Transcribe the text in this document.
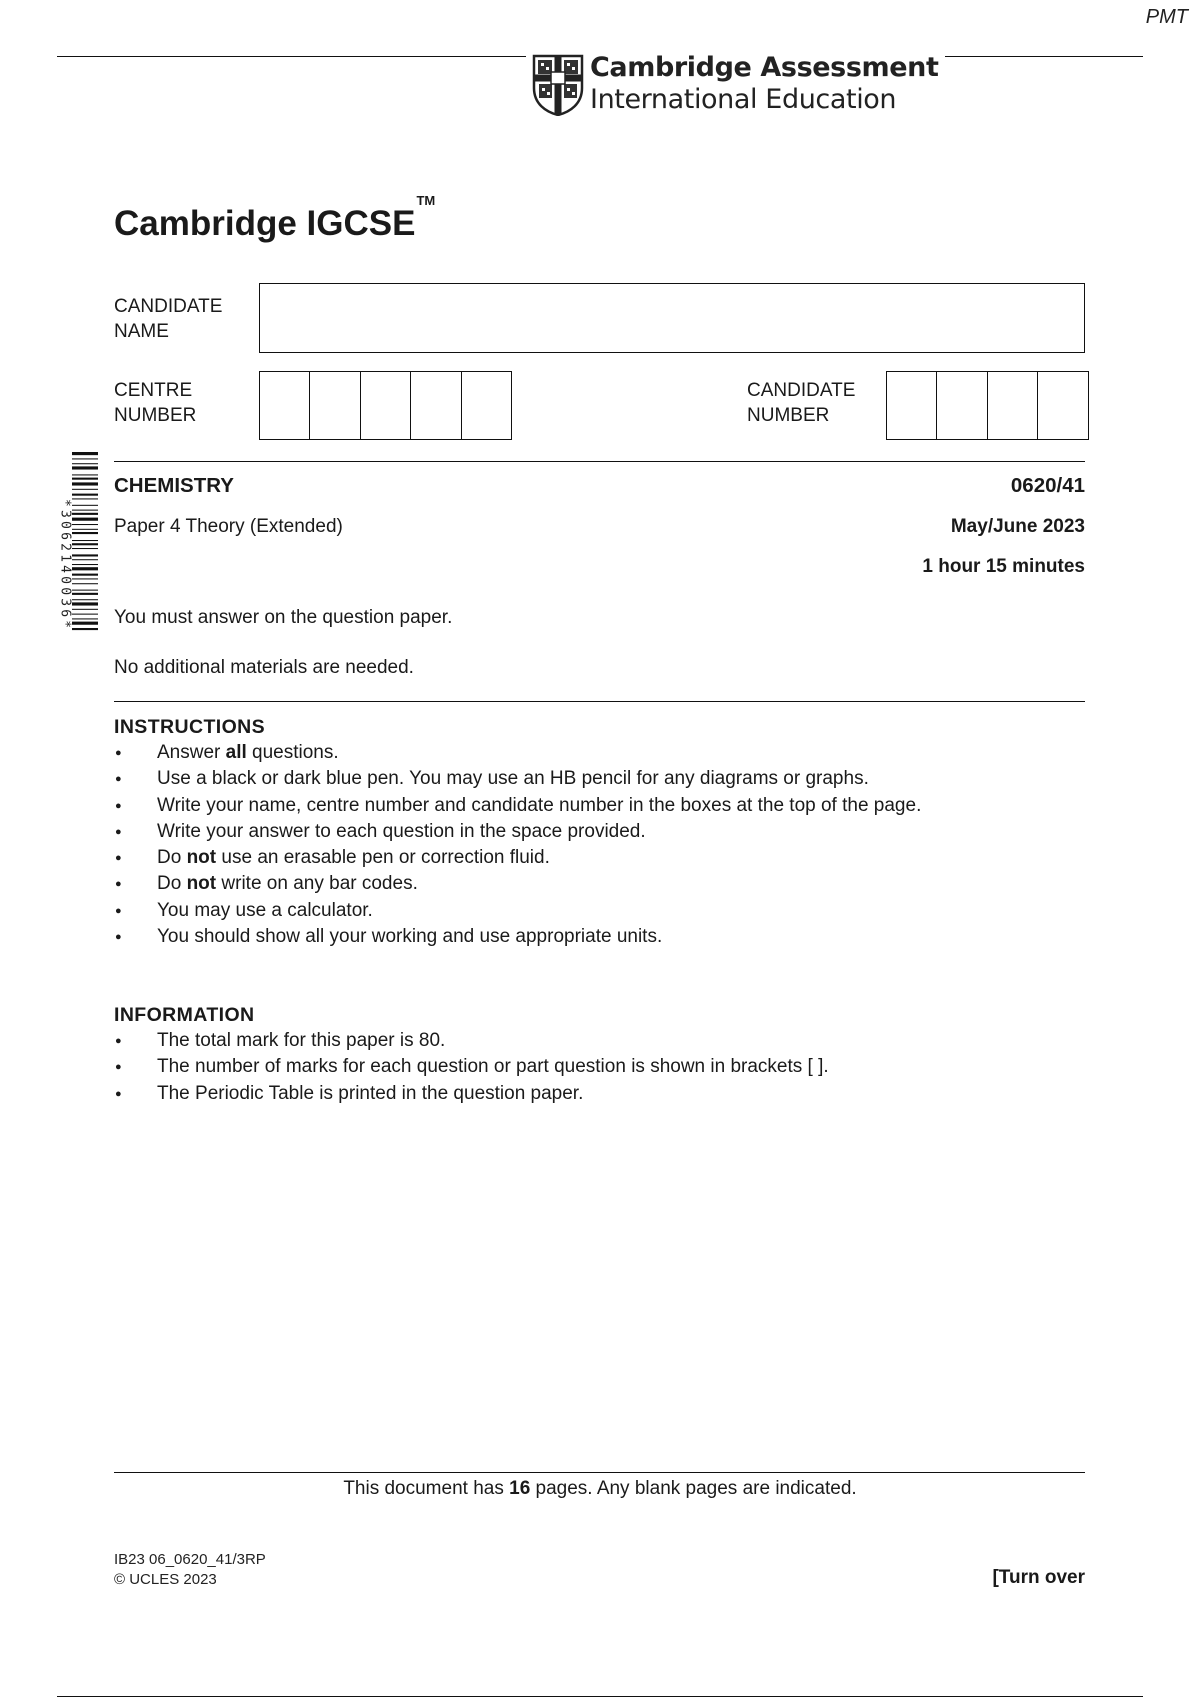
PMT
Cambridge Assessment
International Education
Cambridge IGCSE™
CANDIDATE
NAME
CENTRE
NUMBER
CANDIDATE
NUMBER
*3062140036*
CHEMISTRY	0620/41
Paper 4 Theory (Extended)	May/June 2023
1 hour 15 minutes
You must answer on the question paper.
No additional materials are needed.
INSTRUCTIONS
● Answer all questions.
● Use a black or dark blue pen. You may use an HB pencil for any diagrams or graphs.
● Write your name, centre number and candidate number in the boxes at the top of the page.
● Write your answer to each question in the space provided.
● Do not use an erasable pen or correction fluid.
● Do not write on any bar codes.
● You may use a calculator.
● You should show all your working and use appropriate units.
INFORMATION
● The total mark for this paper is 80.
● The number of marks for each question or part question is shown in brackets [ ].
● The Periodic Table is printed in the question paper.
This document has 16 pages. Any blank pages are indicated.
IB23 06_0620_41/3RP
© UCLES 2023	[Turn over
